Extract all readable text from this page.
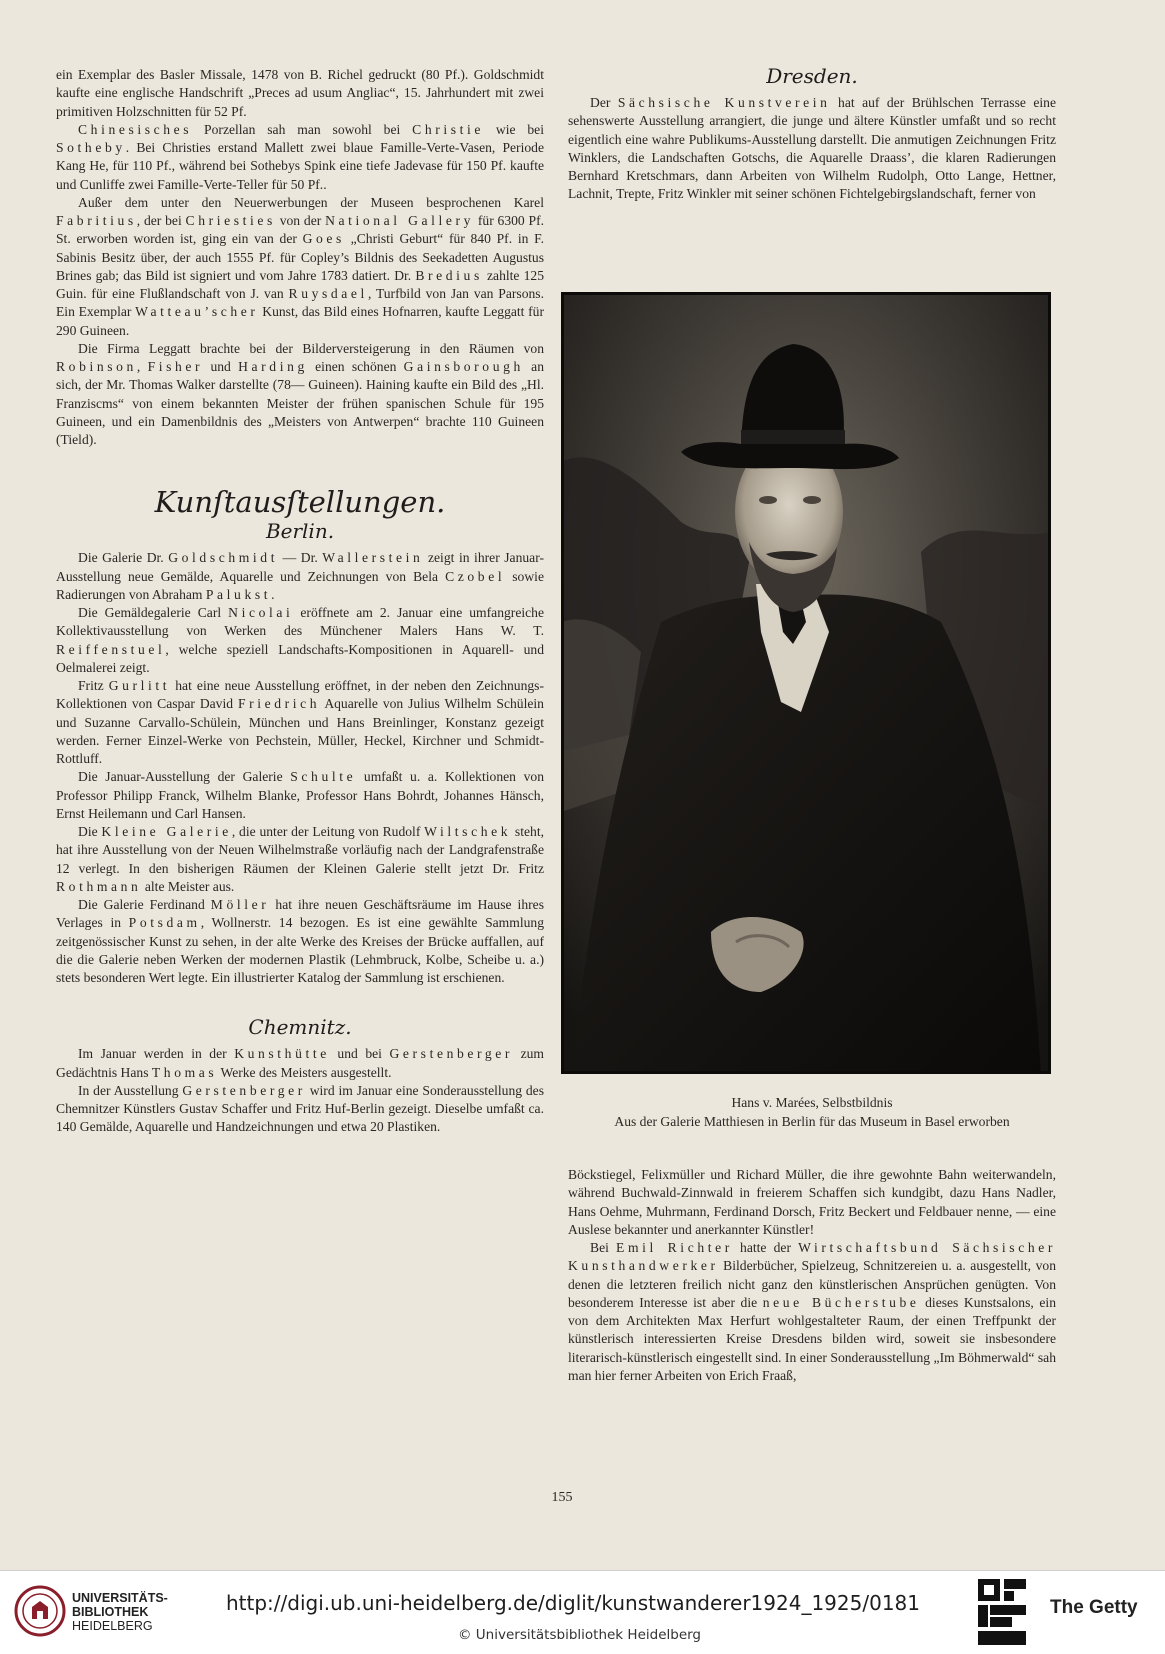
ein Exemplar des Basler Missale, 1478 von B. Richel gedruckt (80 Pf.). Goldschmidt kaufte eine englische Handschrift „Preces ad usum Angliac“, 15. Jahrhundert mit zwei primitiven Holzschnitten für 52 Pf.

Chinesisches Porzellan sah man sowohl bei Christie wie bei Sotheby. Bei Christies erstand Mallett zwei blaue Famille-Verte-Vasen, Periode Kang He, für 110 Pf., während bei Sothebys Spink eine tiefe Jadevase für 150 Pf. kaufte und Cunliffe zwei Famille-Verte-Teller für 50 Pf..

Außer dem unter den Neuerwerbungen der Museen besprochenen Karel Fabritius, der bei Chriesties von der National Gallery für 6300 Pf. St. erworben worden ist, ging ein van der Goes „Christi Geburt“ für 840 Pf. in F. Sabinis Besitz über, der auch 1555 Pf. für Copley’s Bildnis des Seekadetten Augustus Brines gab; das Bild ist signiert und vom Jahre 1783 datiert. Dr. Bredius zahlte 125 Guin. für eine Flußlandschaft von J. van Ruysdael, Turfbild von Jan van Parsons. Ein Exemplar Watteau’scher Kunst, das Bild eines Hofnarren, kaufte Leggatt für 290 Guineen.

Die Firma Leggatt brachte bei der Bilderversteigerung in den Räumen von Robinson, Fisher und Harding einen schönen Gainsborough an sich, der Mr. Thomas Walker darstellte (78— Guineen). Haining kaufte ein Bild des „Hl. Franziscms“ von einem bekannten Meister der frühen spanischen Schule für 195 Guineen, und ein Damenbildnis des „Meisters von Antwerpen“ brachte 110 Guineen (Tield).

Kunſtausſtellungen.
Berlin.

Die Galerie Dr. Goldschmidt — Dr. Wallerstein zeigt in ihrer Januar-Ausstellung neue Gemälde, Aquarelle und Zeichnungen von Bela Czobel sowie Radierungen von Abraham Palukst.

Die Gemäldegalerie Carl Nicolai eröffnete am 2. Januar eine umfangreiche Kollektivausstellung von Werken des Münchener Malers Hans W. T. Reiffenstuel, welche speziell Landschafts-Kompositionen in Aquarell- und Oelmalerei zeigt.

Fritz Gurlitt hat eine neue Ausstellung eröffnet, in der neben den Zeichnungs-Kollektionen von Caspar David Friedrich Aquarelle von Julius Wilhelm Schülein und Suzanne Carvallo-Schülein, München und Hans Breinlinger, Konstanz gezeigt werden. Ferner Einzel-Werke von Pechstein, Müller, Heckel, Kirchner und Schmidt-Rottluff.

Die Januar-Ausstellung der Galerie Schulte umfaßt u. a. Kollektionen von Professor Philipp Franck, Wilhelm Blanke, Professor Hans Bohrdt, Johannes Hänsch, Ernst Heilemann und Carl Hansen.

Die Kleine Galerie, die unter der Leitung von Rudolf Wiltschek steht, hat ihre Ausstellung von der Neuen Wilhelmstraße vorläufig nach der Landgrafenstraße 12 verlegt. In den bisherigen Räumen der Kleinen Galerie stellt jetzt Dr. Fritz Rothmann alte Meister aus.

Die Galerie Ferdinand Möller hat ihre neuen Geschäftsräume im Hause ihres Verlages in Potsdam, Wollnerstr. 14 bezogen. Es ist eine gewählte Sammlung zeitgenössischer Kunst zu sehen, in der alte Werke des Kreises der Brücke auffallen, auf die die Galerie neben Werken der modernen Plastik (Lehmbruck, Kolbe, Scheibe u. a.) stets besonderen Wert legte. Ein illustrierter Katalog der Sammlung ist erschienen.

Chemnitz.

Im Januar werden in der Kunsthütte und bei Gerstenberger zum Gedächtnis Hans Thomas Werke des Meisters ausgestellt.

In der Ausstellung Gerstenberger wird im Januar eine Sonderausstellung des Chemnitzer Künstlers Gustav Schaffer und Fritz Huf-Berlin gezeigt. Dieselbe umfaßt ca. 140 Gemälde, Aquarelle und Handzeichnungen und etwa 20 Plastiken.

Dresden.

Der Sächsische Kunstverein hat auf der Brühlschen Terrasse eine sehenswerte Ausstellung arrangiert, die junge und ältere Künstler umfaßt und so recht eigentlich eine wahre Publikums-Ausstellung darstellt. Die anmutigen Zeichnungen Fritz Winklers, die Landschaften Gotschs, die Aquarelle Draass’, die klaren Radierungen Bernhard Kretschmars, dann Arbeiten von Wilhelm Rudolph, Otto Lange, Hettner, Lachnit, Trepte, Fritz Winkler mit seiner schönen Fichtelgebirgslandschaft, ferner von

Hans v. Marées, Selbstbildnis
Aus der Galerie Matthiesen in Berlin für das Museum in Basel erworben

Böckstiegel, Felixmüller und Richard Müller, die ihre gewohnte Bahn weiterwandeln, während Buchwald-Zinnwald in freierem Schaffen sich kundgibt, dazu Hans Nadler, Hans Oehme, Muhrmann, Ferdinand Dorsch, Fritz Beckert und Feldbauer nenne, — eine Auslese bekannter und anerkannter Künstler!

Bei Emil Richter hatte der Wirtschaftsbund Sächsischer Kunsthandwerker Bilderbücher, Spielzeug, Schnitzereien u. a. ausgestellt, von denen die letzteren freilich nicht ganz den künstlerischen Ansprüchen genügten. Von besonderem Interesse ist aber die neue Bücherstube dieses Kunstsalons, ein von dem Architekten Max Herfurt wohlgestalteter Raum, der einen Treffpunkt der künstlerisch interessierten Kreise Dresdens bilden wird, soweit sie insbesondere literarisch-künstlerisch eingestellt sind. In einer Sonderausstellung „Im Böhmerwald“ sah man hier ferner Arbeiten von Erich Fraaß,

155
UNIVERSITÄTS-
BIBLIOTHEK
HEIDELBERG
http://digi.ub.uni-heidelberg.de/diglit/kunstwanderer1924_1925/0181
© Universitätsbibliothek Heidelberg
The Getty
